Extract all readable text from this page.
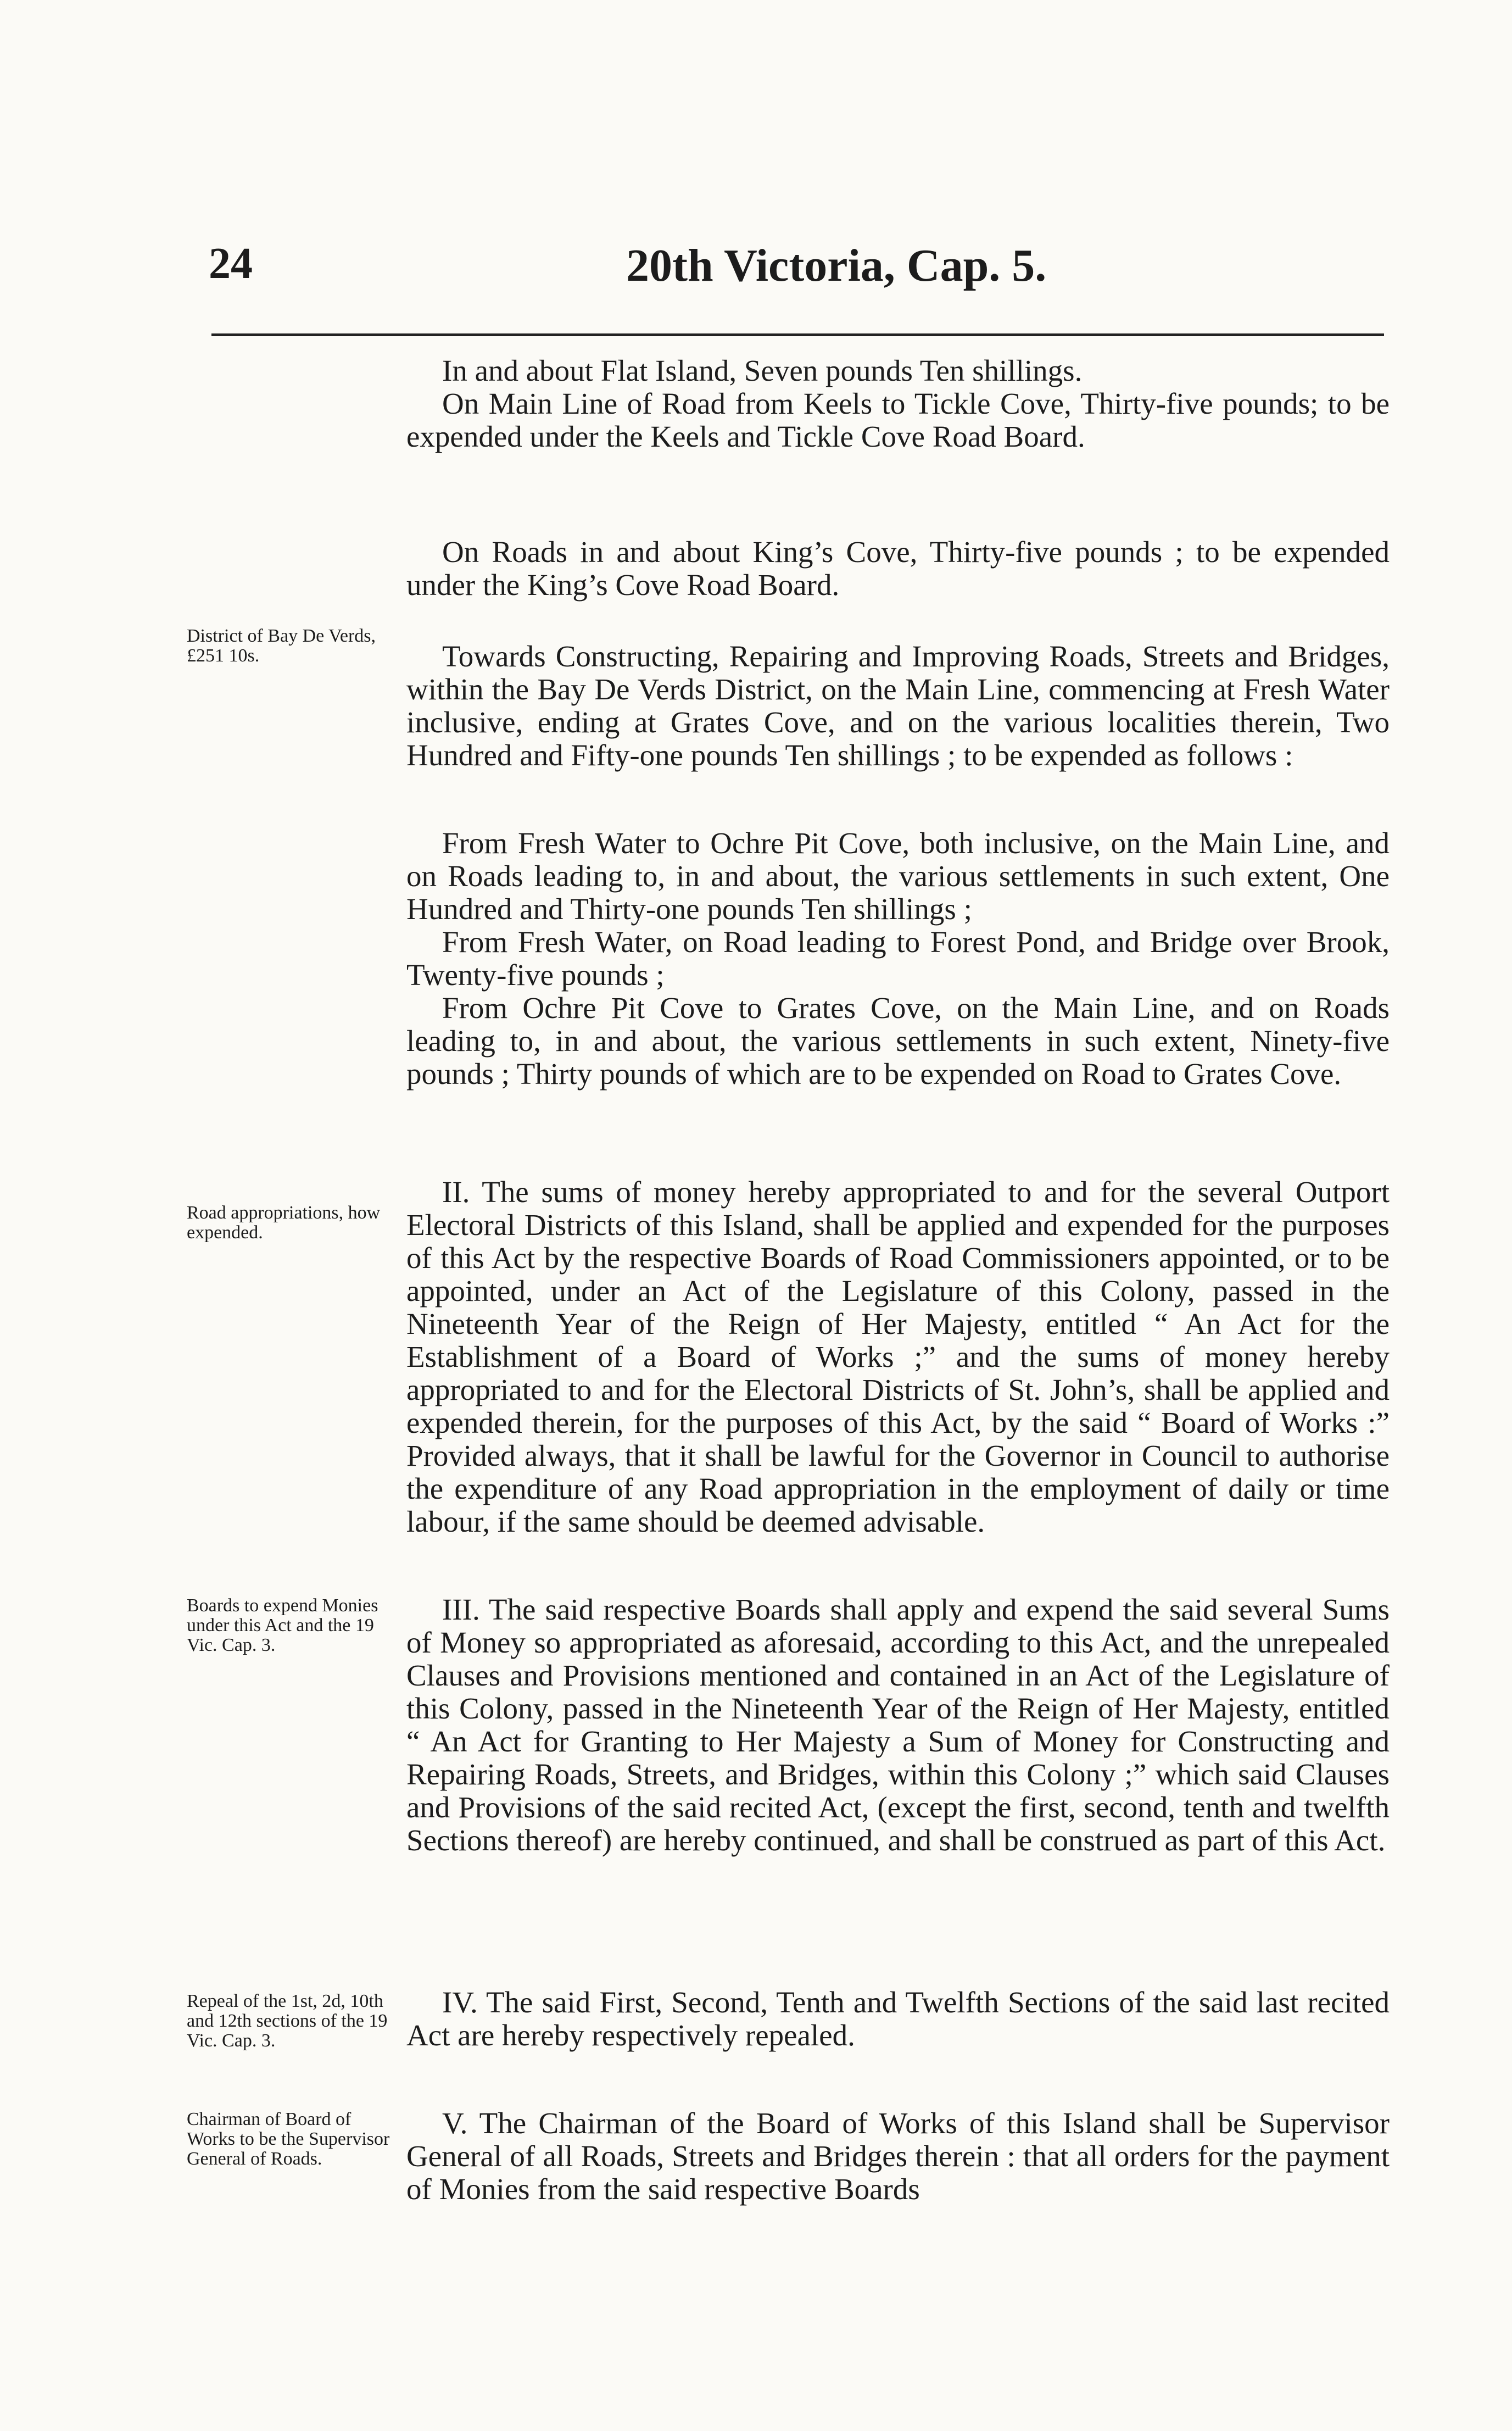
24	20th Victoria, Cap. 5.

In and about Flat Island, Seven pounds Ten shillings.

On Main Line of Road from Keels to Tickle Cove, Thirty-five pounds; to be expended under the Keels and Tickle Cove Road Board.

On Roads in and about King’s Cove, Thirty-five pounds ; to be expended under the King’s Cove Road Board.

District of Bay De Verds, £251 10s.	Towards Constructing, Repairing and Improving Roads, Streets and Bridges, within the Bay De Verds District, on the Main Line, commencing at Fresh Water inclusive, ending at Grates Cove, and on the various localities therein, Two Hundred and Fifty-one pounds Ten shillings ; to be expended as follows :

From Fresh Water to Ochre Pit Cove, both inclusive, on the Main Line, and on Roads leading to, in and about, the various settlements in such extent, One Hundred and Thirty-one pounds Ten shillings ;

From Fresh Water, on Road leading to Forest Pond, and Bridge over Brook, Twenty-five pounds ;

From Ochre Pit Cove to Grates Cove, on the Main Line, and on Roads leading to, in and about, the various settlements in such extent, Ninety-five pounds ; Thirty pounds of which are to be expended on Road to Grates Cove.

Road appropriations, how expended.

II. The sums of money hereby appropriated to and for the several Outport Electoral Districts of this Island, shall be applied and expended for the purposes of this Act by the respective Boards of Road Commissioners appointed, or to be appointed, under an Act of the Legislature of this Colony, passed in the Nineteenth Year of the Reign of Her Majesty, entitled “ An Act for the Establishment of a Board of Works ;” and the sums of money hereby appropriated to and for the Electoral Districts of St. John’s, shall be applied and expended therein, for the purposes of this Act, by the said “ Board of Works :” Provided always, that it shall be lawful for the Governor in Council to authorise the expenditure of any Road appropriation in the employment of daily or time labour, if the same should be deemed advisable.

Boards to expend Monies under this Act and the 19 Vic. Cap. 3.

III. The said respective Boards shall apply and expend the said several Sums of Money so appropriated as aforesaid, according to this Act, and the unrepealed Clauses and Provisions mentioned and contained in an Act of the Legislature of this Colony, passed in the Nineteenth Year of the Reign of Her Majesty, entitled “ An Act for Granting to Her Majesty a Sum of Money for Constructing and Repairing Roads, Streets, and Bridges, within this Colony ;” which said Clauses and Provisions of the said recited Act, (except the first, second, tenth and twelfth Sections thereof) are hereby continued, and shall be construed as part of this Act.

Repeal of the 1st, 2d, 10th and 12th sections of the 19 Vic. Cap. 3.

IV. The said First, Second, Tenth and Twelfth Sections of the said last recited Act are hereby respectively repealed.

Chairman of Board of Works to be the Supervisor General of Roads.

V. The Chairman of the Board of Works of this Island shall be Supervisor General of all Roads, Streets and Bridges therein : that all orders for the payment of Monies from the said respective Boards
